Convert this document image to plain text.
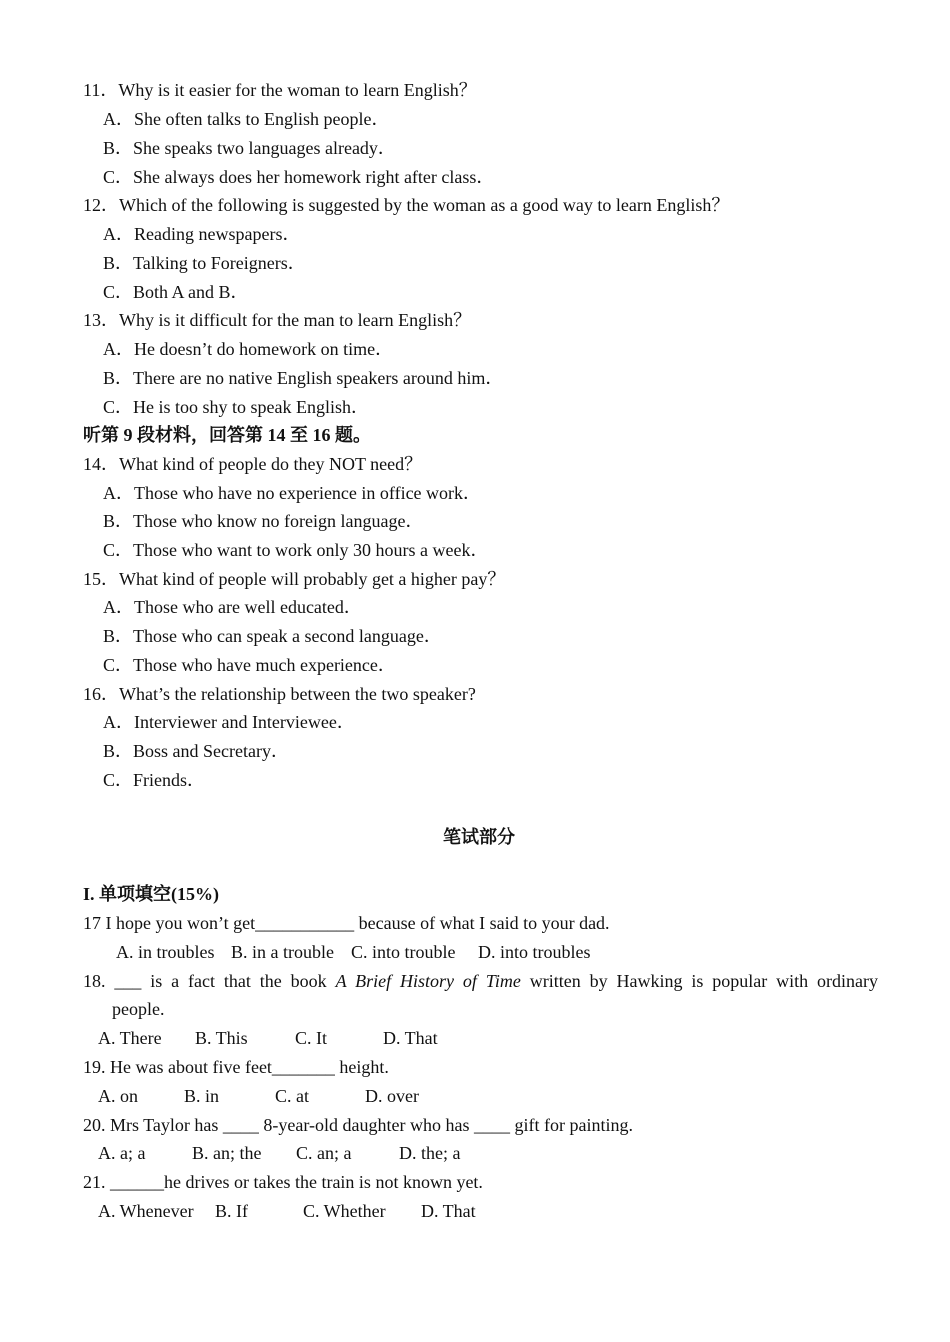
11．Why is it easier for the woman to learn English？
A．She often talks to English people．
B．She speaks two languages already．
C．She always does her homework right after class．
12．Which of the following is suggested by the woman as a good way to learn English？
A．Reading newspapers．
B．Talking to Foreigners．
C．Both A and B．
13．Why is it difficult for the man to learn English？
A．He doesn’t do homework on time．
B．There are no native English speakers around him．
C．He is too shy to speak English．
听第 9 段材料，回答第 14 至 16 题。
14．What kind of people do they NOT need？
A．Those who have no experience in office work．
B．Those who know no foreign language．
C．Those who want to work only 30 hours a week．
15．What kind of people will probably get a higher pay？
A．Those who are well educated．
B．Those who can speak a second language．
C．Those who have much experience．
16．What’s the relationship between the two speaker?
A．Interviewer and Interviewee．
B．Boss and Secretary．
C．Friends．
笔试部分
I. 单项填空(15%)
17 I hope you won’t get___________ because of what I said to your dad.
A. in troubles B. in a trouble C. into trouble D. into troubles
18. ___ is a fact that the book A Brief History of Time written by Hawking is popular with ordinary
people.
A. There B. This	C. It	D. That
19. He was about five feet_______ height.
A. on	B. in	C. at	D. over
20. Mrs Taylor has ____ 8-year-old daughter who has ____ gift for painting.
A. a; a	B. an; the C. an; a	D. the; a
21. ______he drives or takes the train is not known yet.
A. Whenever B. If	C. Whether D. That
